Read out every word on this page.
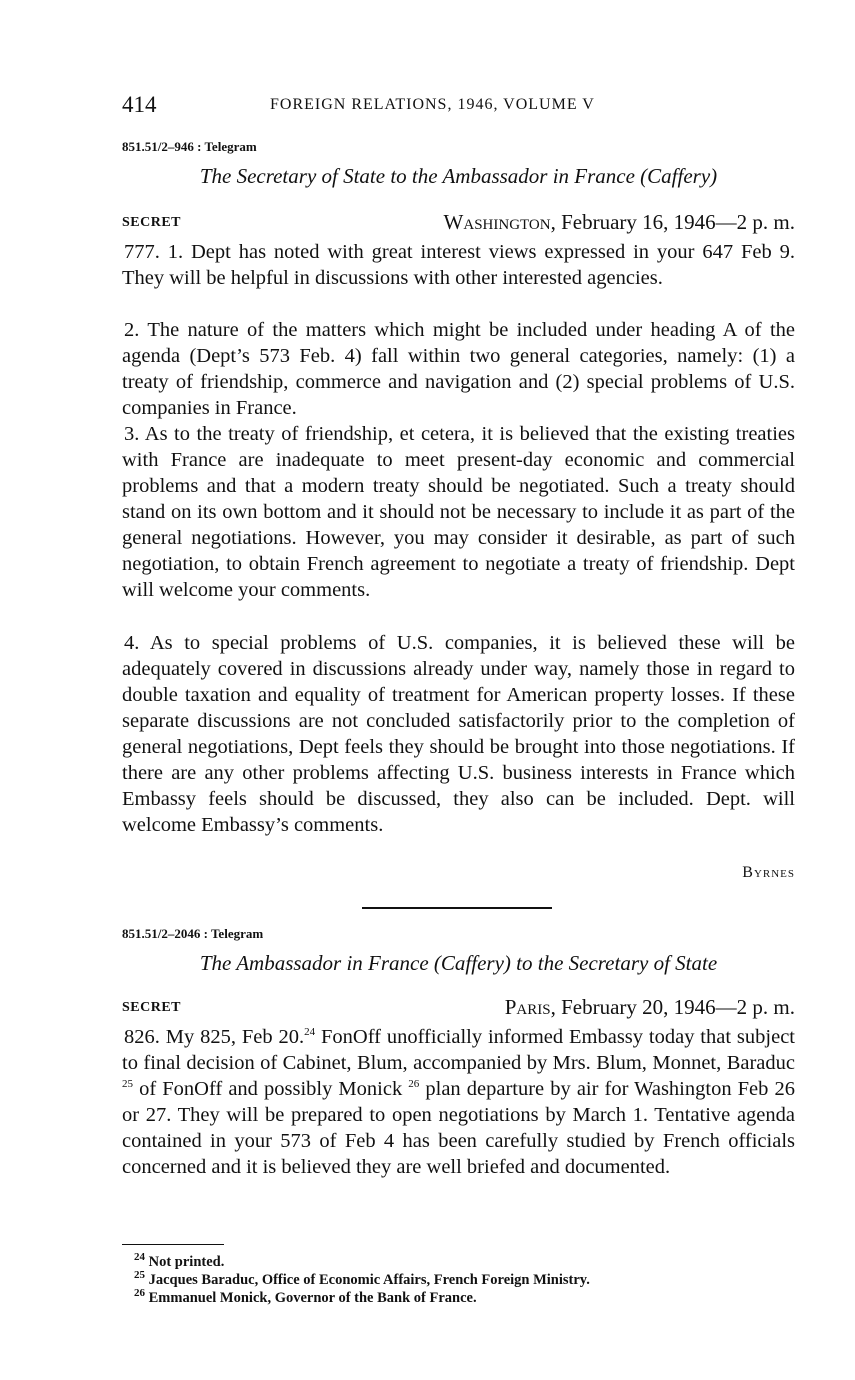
414	FOREIGN RELATIONS, 1946, VOLUME V
851.51/2–946 : Telegram
The Secretary of State to the Ambassador in France (Caffery)
SECRET	Washington, February 16, 1946—2 p. m.

777. 1. Dept has noted with great interest views expressed in your 647 Feb 9. They will be helpful in discussions with other interested agencies.

2. The nature of the matters which might be included under heading A of the agenda (Dept’s 573 Feb. 4) fall within two general categories, namely: (1) a treaty of friendship, commerce and navigation and (2) special problems of U.S. companies in France.

3. As to the treaty of friendship, et cetera, it is believed that the existing treaties with France are inadequate to meet present-day economic and commercial problems and that a modern treaty should be negotiated. Such a treaty should stand on its own bottom and it should not be necessary to include it as part of the general negotiations. However, you may consider it desirable, as part of such negotiation, to obtain French agreement to negotiate a treaty of friendship. Dept will welcome your comments.

4. As to special problems of U.S. companies, it is believed these will be adequately covered in discussions already under way, namely those in regard to double taxation and equality of treatment for American property losses. If these separate discussions are not concluded satisfactorily prior to the completion of general negotiations, Dept feels they should be brought into those negotiations. If there are any other problems affecting U.S. business interests in France which Embassy feels should be discussed, they also can be included. Dept. will welcome Embassy’s comments.

Byrnes
851.51/2–2046 : Telegram
The Ambassador in France (Caffery) to the Secretary of State
SECRET	Paris, February 20, 1946—2 p. m.

826. My 825, Feb 20.24 FonOff unofficially informed Embassy today that subject to final decision of Cabinet, Blum, accompanied by Mrs. Blum, Monnet, Baraduc $^{25}$ of FonOff and possibly Monick $^{26}$ plan departure by air for Washington Feb 26 or 27. They will be prepared to open negotiations by March 1. Tentative agenda contained in your 573 of Feb 4 has been carefully studied by French officials concerned and it is believed they are well briefed and documented.

$^{24}$ Not printed.
$^{25}$ Jacques Baraduc, Office of Economic Affairs, French Foreign Ministry.
$^{26}$ Emmanuel Monick, Governor of the Bank of France.
